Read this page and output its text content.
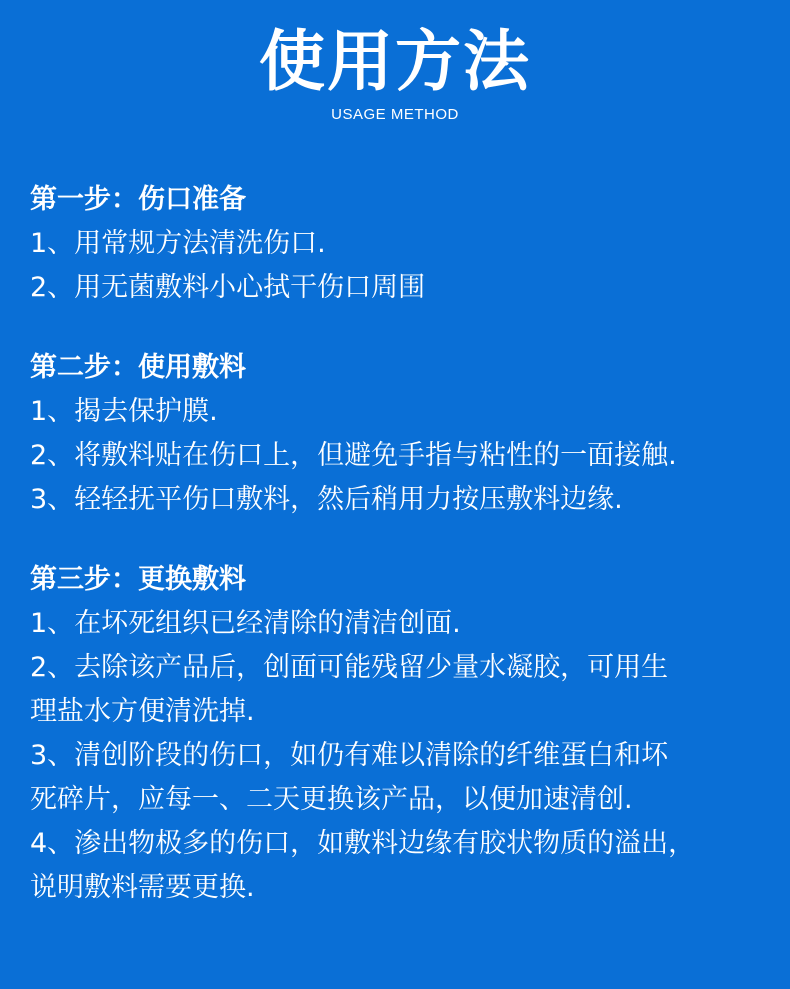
使用方法
USAGE METHOD
第一步：伤口准备
1、用常规方法清洗伤口.
2、用无菌敷料小心拭干伤口周围
第二步：使用敷料
1、揭去保护膜.
2、将敷料贴在伤口上，但避免手指与粘性的一面接触.
3、轻轻抚平伤口敷料，然后稍用力按压敷料边缘.
第三步：更换敷料
1、在坏死组织已经清除的清洁创面.
2、去除该产品后，创面可能残留少量水凝胶，可用生
理盐水方便清洗掉.
3、清创阶段的伤口，如仍有难以清除的纤维蛋白和坏
死碎片，应每一、二天更换该产品，以便加速清创.
4、渗出物极多的伤口，如敷料边缘有胶状物质的溢出，
说明敷料需要更换.
